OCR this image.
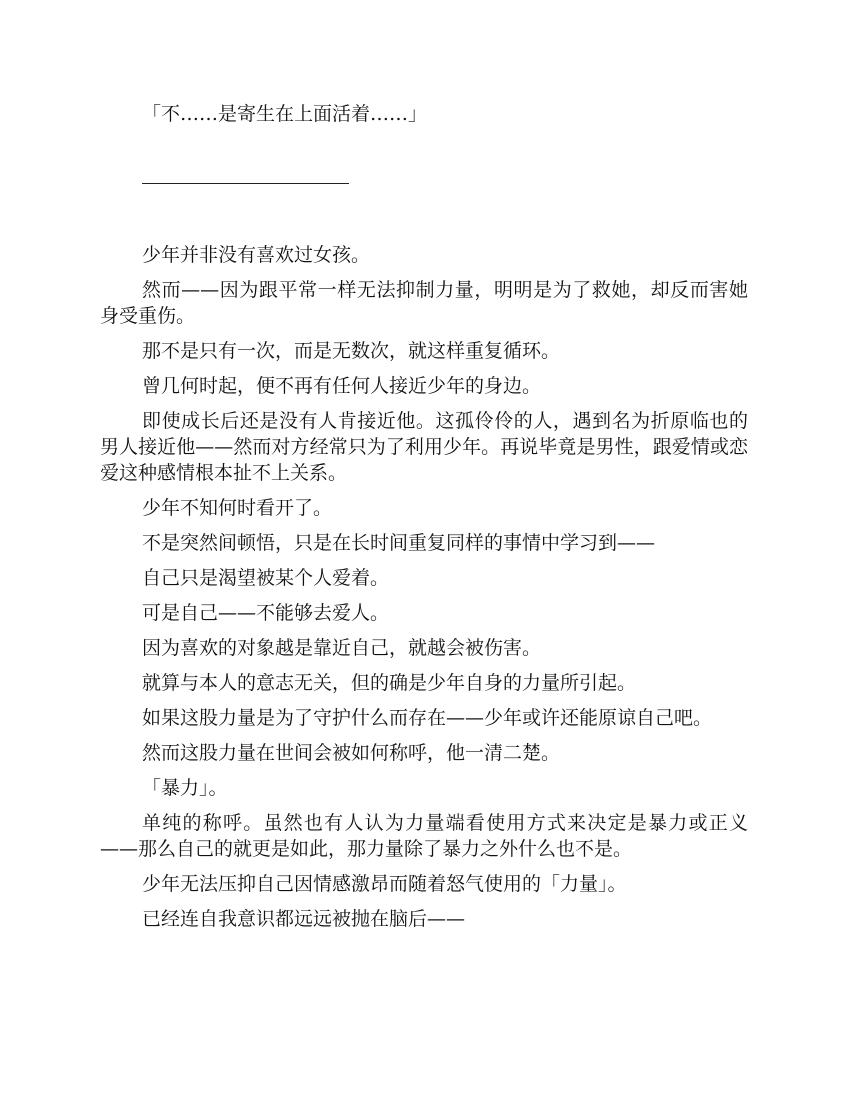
「不……是寄生在上面活着……」

少年并非没有喜欢过女孩。

然而——因为跟平常一样无法抑制力量，明明是为了救她，却反而害她身受重伤。

那不是只有一次，而是无数次，就这样重复循环。

曾几何时起，便不再有任何人接近少年的身边。

即使成长后还是没有人肯接近他。这孤伶伶的人，遇到名为折原临也的男人接近他——然而对方经常只为了利用少年。再说毕竟是男性，跟爱情或恋爱这种感情根本扯不上关系。

少年不知何时看开了。

不是突然间顿悟，只是在长时间重复同样的事情中学习到——

自己只是渴望被某个人爱着。

可是自己——不能够去爱人。

因为喜欢的对象越是靠近自己，就越会被伤害。

就算与本人的意志无关，但的确是少年自身的力量所引起。

如果这股力量是为了守护什么而存在——少年或许还能原谅自己吧。

然而这股力量在世间会被如何称呼，他一清二楚。

「暴力」。

单纯的称呼。虽然也有人认为力量端看使用方式来决定是暴力或正义——那么自己的就更是如此，那力量除了暴力之外什么也不是。

少年无法压抑自己因情感激昂而随着怒气使用的「力量」。

已经连自我意识都远远被抛在脑后——
